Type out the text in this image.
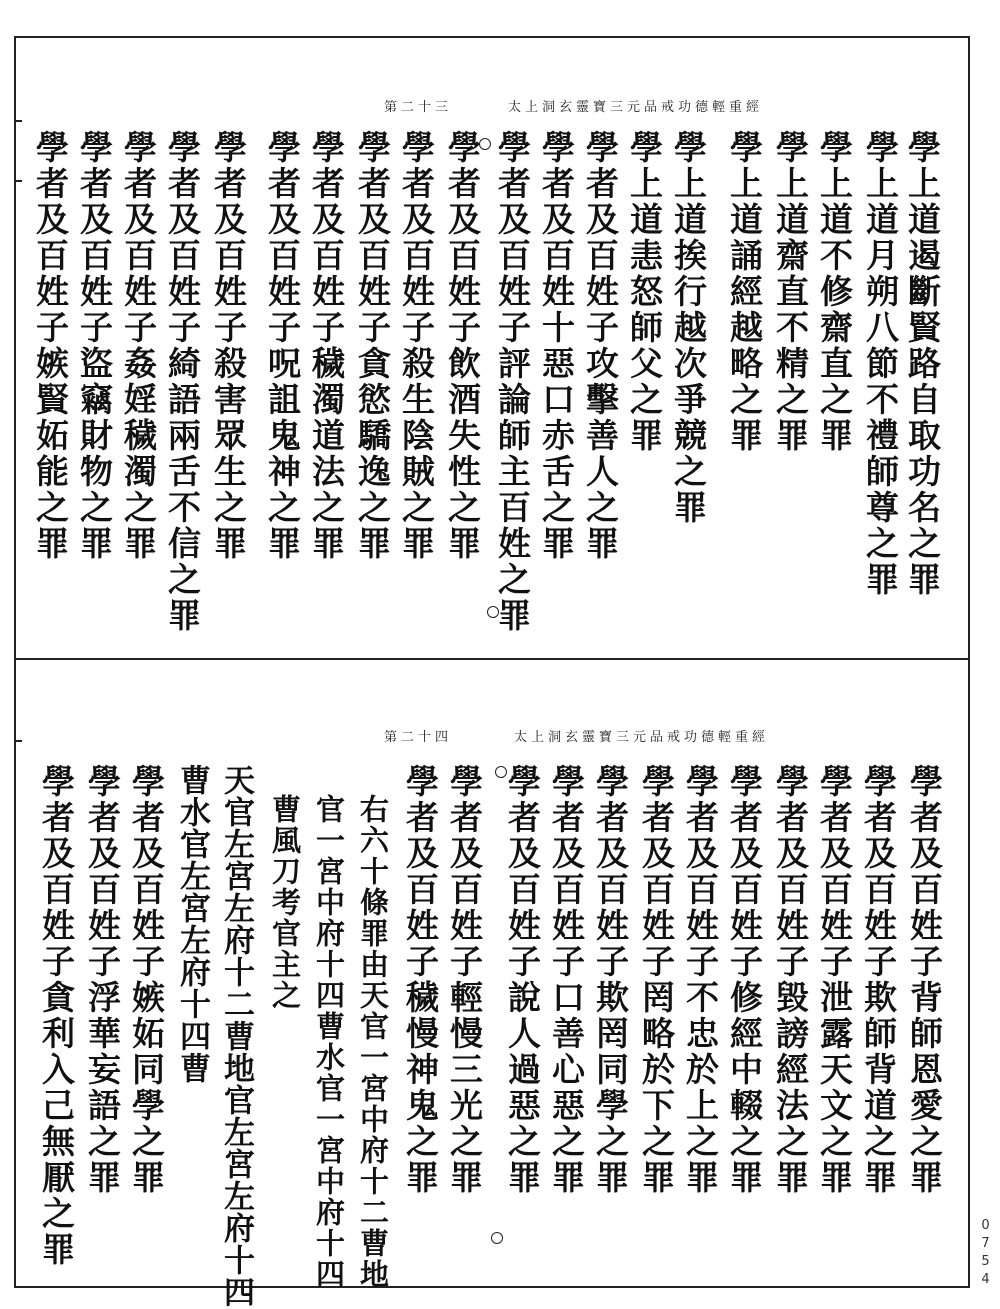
太上洞玄靈寶三元品戒功德輕重經
第二十三
學上道遏斷賢路自取功名之罪
學上道月朔八節不禮師尊之罪
學上道不修齋直之罪
學上道齋直不精之罪
學上道誦經越略之罪
學上道挨行越次爭競之罪
學上道恚怒師父之罪
學者及百姓子攻擊善人之罪
學者及百姓十惡口赤舌之罪
學者及百姓子評論師主百姓之罪
學者及百姓子飲酒失性之罪
學者及百姓子殺生陰賊之罪
學者及百姓子貪慾驕逸之罪
學者及百姓子穢濁道法之罪
學者及百姓子呪詛鬼神之罪
學者及百姓子殺害眾生之罪
學者及百姓子綺語兩舌不信之罪
學者及百姓子姦婬穢濁之罪
學者及百姓子盜竊財物之罪
學者及百姓子嫉賢妬能之罪
太上洞玄靈寶三元品戒功德輕重經
第二十四
學者及百姓子背師恩愛之罪
學者及百姓子欺師背道之罪
學者及百姓子泄露天文之罪
學者及百姓子毀謗經法之罪
學者及百姓子修經中輟之罪
學者及百姓子不忠於上之罪
學者及百姓子罔略於下之罪
學者及百姓子欺罔同學之罪
學者及百姓子口善心惡之罪
學者及百姓子說人過惡之罪
學者及百姓子輕慢三光之罪
學者及百姓子穢慢神鬼之罪
右六十條罪由天官一宮中府十二曹地
官一宮中府十四曹水官一宮中府十四
曹風刀考官主之
天官左宮左府十二曹地官左宮左府十四
曹水官左宮左府十四曹
學者及百姓子嫉妬同學之罪
學者及百姓子浮華妄語之罪
學者及百姓子貪利入己無厭之罪	0754
